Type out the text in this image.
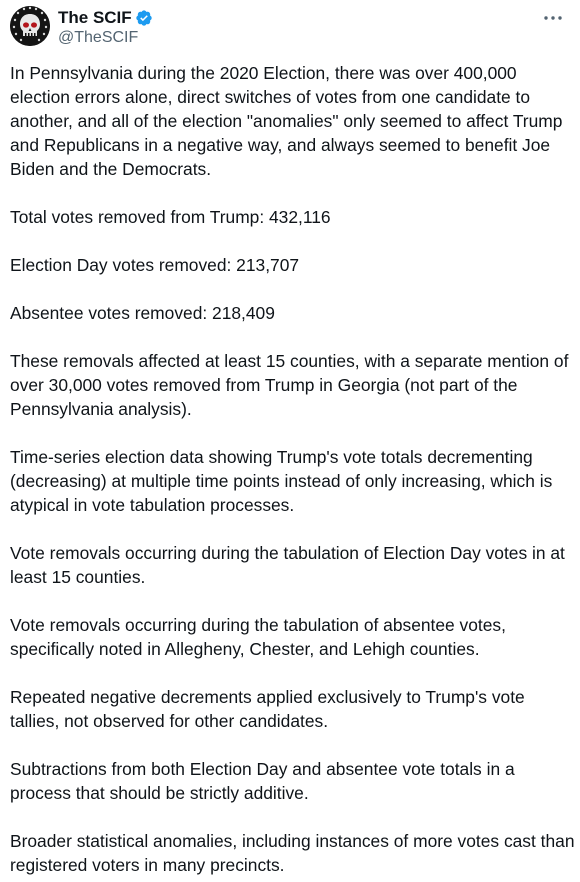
The SCIF
@TheSCIF

In Pennsylvania during the 2020 Election, there was over 400,000 election errors alone, direct switches of votes from one candidate to another, and all of the election "anomalies" only seemed to affect Trump and Republicans in a negative way, and always seemed to benefit Joe Biden and the Democrats.

Total votes removed from Trump: 432,116

Election Day votes removed: 213,707

Absentee votes removed: 218,409

These removals affected at least 15 counties, with a separate mention of over 30,000 votes removed from Trump in Georgia (not part of the Pennsylvania analysis).

Time-series election data showing Trump's vote totals decrementing (decreasing) at multiple time points instead of only increasing, which is atypical in vote tabulation processes.

Vote removals occurring during the tabulation of Election Day votes in at least 15 counties.

Vote removals occurring during the tabulation of absentee votes, specifically noted in Allegheny, Chester, and Lehigh counties.

Repeated negative decrements applied exclusively to Trump's vote tallies, not observed for other candidates.

Subtractions from both Election Day and absentee vote totals in a process that should be strictly additive.

Broader statistical anomalies, including instances of more votes cast than registered voters in many precincts.
